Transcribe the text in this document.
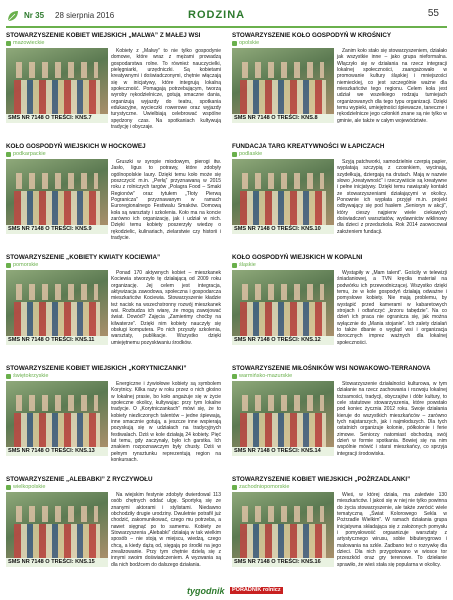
Nr 35 28 sierpnia 2016	RODZINA	55
STOWARZYSZENIE KOBIET WIEJSKICH „MALWA” Z MAŁEJ WSI
mazowieckie
SMS NR 7148 O TREŚCI: KNS.7

Kobiety z „Malwy” to nie tylko gospodynie domowe, które wraz z mężami prowadzą gospodarstwa rolne. To również nauczycielki, pielęgniarki, urzędniczki. Są kobietami kreatywnymi i doświadczonymi, chętnie włączają się w inicjatywy, które integrują lokalną społeczność. Pomagają potrzebującym, tworzą wyroby rękodzielnicze, gotują smaczne dania, organizują wyjazdy do teatru, spotkania edukacyjne, wycieczki rowerowe oraz wyjazdy turystyczne. Uwielbiają celebrować wspólne spędzony czas. Na spotkaniach kultywują tradycję i obyczaje.

STOWARZYSZENIE KOŁO GOSPODYŃ W KROŚNICY
opolskie
SMS NR 7148 O TREŚCI: KNS.8

Zanim koło stało się stowarzyszeniem, działało jak wszystkie inne – jako grupa nieformalna. Włączyło się w działania na rzecz integracji lokalnej społeczności, zaangażowało w promowanie kultury śląskiej i mniejszości niemieckiej, co jest szczególnie ważne dla mieszkańców tego regionu. Celem koła jest udział we wszelkiego rodzaju turniejach organizowanych dla tego typu organizacji. Dzięki temu wypieki, umiejętności śpiewacze, taneczne i rękodzielnicze jego członkiń znane są nie tylko w gminie, ale także w całym województwie.

KOŁO GOSPODYŃ WIEJSKICH W HOCKOWEJ
podkarpackie
SMS NR 7148 O TREŚCI: KNS.9

Gruszki w syropie miodowym, pierogi itw. Jasło, ligus to potrawy, które zdobyły ogólnopolskie laury. Dzięki temu koło może się poszczycić m.in. „Perłą” przyznawaną w 2015 roku z rolniczych targów „Polagra Food – Smaki Regionów” oraz tytułem „Tłoty Pierwą Pogranicza” przyznawanym w ramach Euroregionalnego Festiwalu Smaków. Domową koła są warsztaty i szkolenia. Koło ma na koncie zarówno ich organizację, jak i udział w nich. Dzięki temu kobiety poszerzyły wiedzę o rękodzielic, kulinariach, zielarstwie czy historii i tradycie.

FUNDACJA TARG KREATYWNOŚCI W ŁAPICZACH
podlaskie
SMS NR 7148 O TREŚCI: KNS.10

Szyją patchworki, samodzielnie czerpią papier, wyplatają szczypią z czosnkiem, wycinają, szydełkują, dziergają na drutach. Mają w nazwie słowo „kreatywność” i rzeczywiście są kreatywne i pełne inicjatywy. Dzięki temu nawiązały kontakt ze stowarzyszeniami działającymi w okolicy. Ponownie ich wypłata przyjęł m.in. projekt odbywający się pod hasłem „Senioryn w akcji”, który cieszy najpierw wiele ciekawych doświadczeń warsztatów, wydawnictw wiklinowy dla dzieci z przedszkola. Rok 2014 zaowocował założeniem fundacji.

STOWARZYSZENIE „KOBIETY KWIATY KOCIEWIA”
pomorskie
SMS NR 7148 O TREŚCI: KNS.11

Ponad 170 aktywnych kobiet – mieszkanek Kociewia stworzyło tę działającą od 2009 roku organizację. Jej celem jest integracja, aktywizacja zawodowa, społeczna i gospodarcza mieszkańców Kociewia. Stowarzyszenie kładzie też nacisk na wszechstronny rozwój mieszkanek wsi. Rozbudza ich wiarę, że mogą zawojować świat. Dowód? Zajęcia „Zamierimy choćby na kilwaterze”. Dzięki nim kobiety nauczyły się obsługi komputera. Po nich przyszły szkolenia, warsztaty, publikacje. Wszystko dzięki umiejętnemu pozyskiwaniu środków.

KOŁO GOSPODYŃ WIEJSKICH W KOPALNI
śląskie
SMS NR 7148 O TREŚCI: KNS.12

Wystąpiły w „Mam talent”. Gościły w telewizji śniadaniowej, a TVN kręciła materiał na podwórku ich przewodniczącej. Wszystko dzięki temu, że w kole gospodyń działają odważne i pomysłowe kobiety. Nie mają problemu, by wystąpić przed kamerami w kabaretowych strojach i odtańczyć „krzoru tabędzie”. Na co dzień ich praca nie ogranicza się, jak można wyłącznie do „Mania stojanie”. Ich zalety działań to także dbanie o wygląd wsi i organizacja dorocznych imprez ważnych dla lokalnej społeczności.

STOWARZYSZENIE KOBIET WIEJSKICH „KORYTNICZANKI”
świętokrzyskie
SMS NR 7148 O TREŚCI: KNS.13

Energiczne i żywiołowe kobiety są symbolem Korytnicy. Kilka razy w roku przez o nich głośno w lokalnej prasie, bo koło angażuje się w życie społeczne okolicy, kultywując przy tym lokalne tradycje. O „Korytniczankach” mówi się, że to kobiety niezliczonych talentów – jedne śpiewają, inne smacznie gotują, a jeszcze inne wspierają pozyskują się w udziałach na tradycyjnych festiwalach. Dziś w kole działają 24 kobiety. Pięć lat temu, gdy zaczynały, było ich garstka. Ich znakiem rozpoznawczym były chusty. Dziś w pełnym rynsztunku reprezentują region na konkursach.

STOWARZYSZENIE MIŁOŚNIKÓW WSI NOWAKOWO-TERRANOVA
warmińsko-mazurskie
SMS NR 7148 O TREŚCI: KNS.14

Stowarzyszenie działalności kulturowa, w tym działanie na rzecz zachowania i rozwoju lokalnej tożsamości, tradycji, obyczajów i dóbr kultury, to cele statutowe stowarzyszenia, które powstało pod koniec życznia 2012 roku. Swoje działania kieruje do wszystkich mieszkańców – zarówno tych najstarszych, jak i najmłodszych. Dla tych ostatnich organizuje kolonie, półkolonie i ferie zimowe. Seniorzy natomiast obchodzą swój dzień w formie spotkania. Bowiej się na nim wspólnie mówić i starsi mieszkańcy, co sprzyja integracji środowiska.

STOWARZYSZENIE „ALEBABKI” Z RYCZYWOŁU
wielkopolskie
SMS NR 7148 O TREŚCI: KNS.15

Na wiejskim festynie zdobyły dwierdowal 113 osób chętnych oddać ulgę. Sportyką się ze znanymi aktorami i stylistami. Niedawno obchodziły drugie urodziny. Dwuletnie potrafił już chodzić, zakomunikować, czego mu potrzeba, a nawet sięgnąć po to samemu. Kobiety ze Stowarzyszenia „Alebabki” działają w tak wielkim sposób – nie stoją w miejscu, wiedzą, czego chcą, a kiedy dążą od, sięgają po środki na jego zrealizowanie. Przy tym chętnie dzielą się z innymi swoim doświadczeniem. A wyzwania są dla nich bodźcem do dalszego działania.

STOWARZYSZENIE KOBIET WIEJSKICH „POŻRZADLANKI”
zachodniopomorskie
SMS NR 7148 O TREŚCI: KNS.16

Wieś, w której działa, ma zaledwie 130 mieszkańców. I jakoś się w niej nie tylko powinna do życia stowarzyszenie, ale także zwrócić wiele tematyczną „Świat Kolorowego Sekla w Pożrzadle Wielkim”. W ramach działania grupa inicjatywna składająca się z założonych pomysłu i pomysłowość orgaanizuje warsztaty z artystycznego wirusu, sobie bibuterygrowo i malowania na szkle. Zadbano też o rozrywkę dla dzieci. Dla nich przygotowano w wiosce tor przeszkód oraz gry terenowe. To dziełanie sprawiło, że wieś stała się popularna w okolicy.

tygodnik	PORADNIK rolnicz
